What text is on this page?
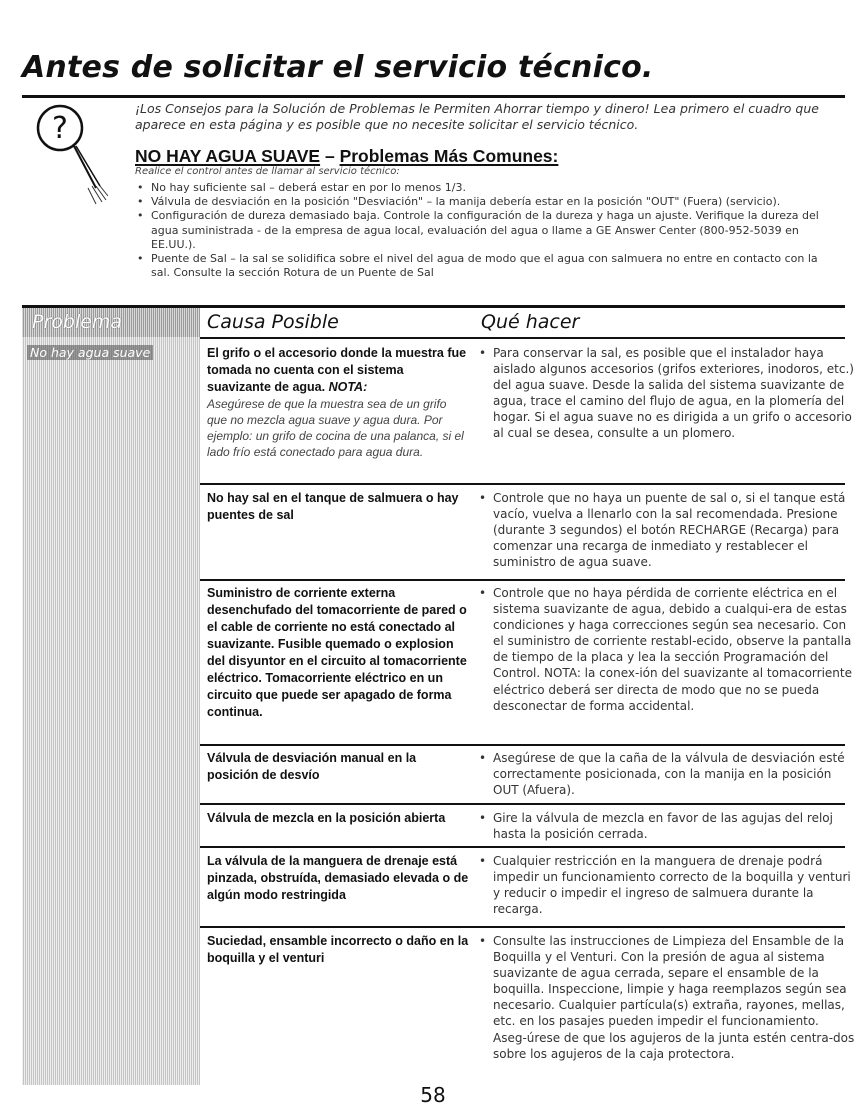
Antes de solicitar el servicio técnico.
?
¡Los Consejos para la Solución de Problemas le Permiten Ahorrar tiempo y dinero! Lea primero el cuadro que aparece en esta página y es posible que no necesite solicitar el servicio técnico.
NO HAY AGUA SUAVE – Problemas Más Comunes:
Realice el control antes de llamar al servicio técnico:
• No hay suficiente sal – deberá estar en por lo menos 1/3.
• Válvula de desviación en la posición "Desviación" – la manija debería estar en la posición "OUT" (Fuera) (servicio).
• Configuración de dureza demasiado baja. Controle la configuración de la dureza y haga un ajuste. Verifique la dureza del agua suministrada - de la empresa de agua local, evaluación del agua o llame a GE Answer Center (800-952-5039 en EE.UU.).
• Puente de Sal – la sal se solidifica sobre el nivel del agua de modo que el agua con salmuera no entre en contacto con la sal. Consulte la sección Rotura de un Puente de Sal
Problema	Causa Posible	Qué hacer
No hay agua suave	El grifo o el accesorio donde la muestra fue tomada no cuenta con el sistema suavizante de agua. NOTA:
Asegúrese de que la muestra sea de un grifo que no mezcla agua suave y agua dura. Por ejemplo: un grifo de cocina de una palanca, si el lado frío está conectado para agua dura.
• Para conservar la sal, es posible que el instalador haya aislado algunos accesorios (grifos exteriores, inodoros, etc.) del agua suave. Desde la salida del sistema suavizante de agua, trace el camino del flujo de agua, en la plomería del hogar. Si el agua suave no es dirigida a un grifo o accesorio al cual se desea, consulte a un plomero.
No hay sal en el tanque de salmuera o hay puentes de sal
• Controle que no haya un puente de sal o, si el tanque está vacío, vuelva a llenarlo con la sal recomendada. Presione (durante 3 segundos) el botón RECHARGE (Recarga) para comenzar una recarga de inmediato y restablecer el suministro de agua suave.
Suministro de corriente externa desenchufado del tomacorriente de pared o el cable de corriente no está conectado al suavizante. Fusible quemado o explosion del disyuntor en el circuito al tomacorriente eléctrico. Tomacorriente eléctrico en un circuito que puede ser apagado de forma continua.
• Controle que no haya pérdida de corriente eléctrica en el sistema suavizante de agua, debido a cualqui-era de estas condiciones y haga correcciones según sea necesario. Con el suministro de corriente restabl-ecido, observe la pantalla de tiempo de la placa y lea la sección Programación del Control. NOTA: la conex-ión del suavizante al tomacorriente eléctrico deberá ser directa de modo que no se pueda desconectar de forma accidental.
Válvula de desviación manual en la posición de desvío
• Asegúrese de que la caña de la válvula de desviación esté correctamente posicionada, con la manija en la posición OUT (Afuera).
Válvula de mezcla en la posición abierta
•	Gire la válvula de mezcla en favor de las agujas del reloj hasta la posición cerrada.
La válvula de la manguera de drenaje está pinzada, obstruída, demasiado elevada o de algún modo restringida
• Cualquier restricción en la manguera de drenaje podrá impedir un funcionamiento correcto de la boquilla y venturi y reducir o impedir el ingreso de salmuera durante la recarga.
Suciedad, ensamble incorrecto o daño en la boquilla y el venturi
• Consulte las instrucciones de Limpieza del Ensamble de la Boquilla y el Venturi. Con la presión de agua al sistema suavizante de agua cerrada, separe el ensamble de la boquilla. Inspeccione, limpie y haga reemplazos según sea necesario. Cualquier partícula(s) extraña, rayones, mellas, etc. en los pasajes pueden impedir el funcionamiento. Aseg-úrese de que los agujeros de la junta estén centra-dos sobre los agujeros de la caja protectora.
58
